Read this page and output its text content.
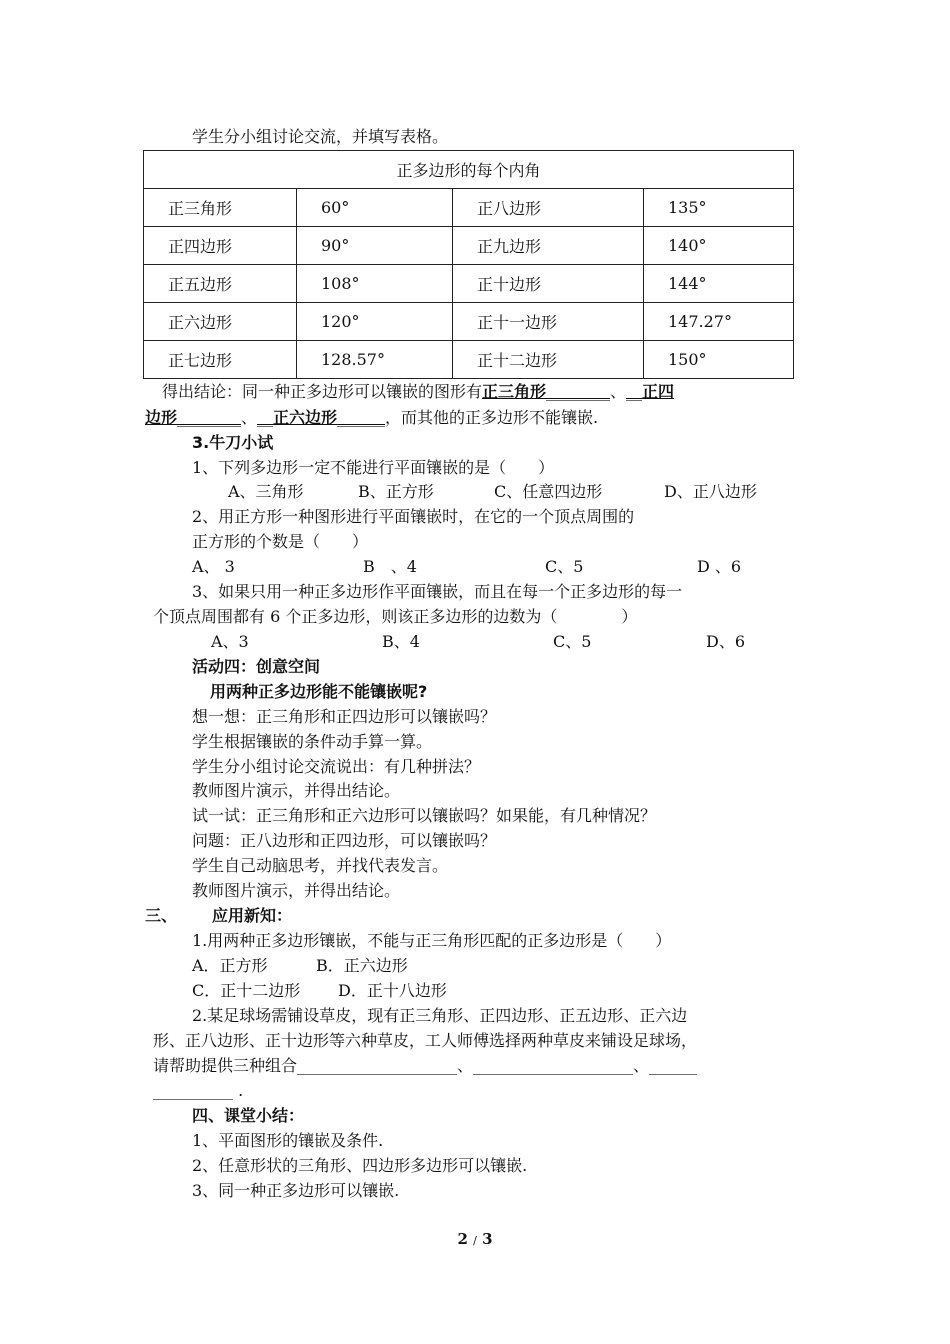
学生分小组讨论交流，并填写表格。
正多边形的每个内角			
正三角形	60°	正八边形	135°
正四边形	90°	正九边形	140°
正五边形	108°	正十边形	144°
正六边形	120°	正十一边形	147.27°
正七边形	128.57°	正十二边形	150°
得出结论：同一种正多边形可以镶嵌的图形有正三角形________、__正四
边形________、__正六边形______，而其他的正多边形不能镶嵌.
3.牛刀小试
1、下列多边形一定不能进行平面镶嵌的是（　　）
A、三角形	B、正方形	C、任意四边形	D、正八边形
2、用正方形一种图形进行平面镶嵌时，在它的一个顶点周围的
正方形的个数是（　　）
A、 3	B　、4	C、5	D 、6
3、如果只用一种正多边形作平面镶嵌，而且在每一个正多边形的每一
个顶点周围都有 6 个正多边形，则该正多边形的边数为（　　　　）
A、3	B、4	C、5	D、6
活动四：创意空间
用两种正多边形能不能镶嵌呢?
想一想：正三角形和正四边形可以镶嵌吗？
学生根据镶嵌的条件动手算一算。
学生分小组讨论交流说出：有几种拼法？
教师图片演示，并得出结论。
试一试：正三角形和正六边形可以镶嵌吗？如果能，有几种情况？
问题：正八边形和正四边形，可以镶嵌吗？
学生自己动脑思考，并找代表发言。
教师图片演示，并得出结论。
三、 应用新知：
1.用两种正多边形镶嵌，不能与正三角形匹配的正多边形是（　　）
A．正方形	B．正六边形
C．正十二边形 D．正十八边形
2.某足球场需铺设草皮，现有正三角形、正四边形、正五边形、正六边
形、正八边形、正十边形等六种草皮，工人师傅选择两种草皮来铺设足球场，
请帮助提供三种组合____________________、____________________、______
__________ .
四、课堂小结：
1、平面图形的镶嵌及条件.
2、任意形状的三角形、四边形多边形可以镶嵌.
3、同一种正多边形可以镶嵌.
2 / 3
